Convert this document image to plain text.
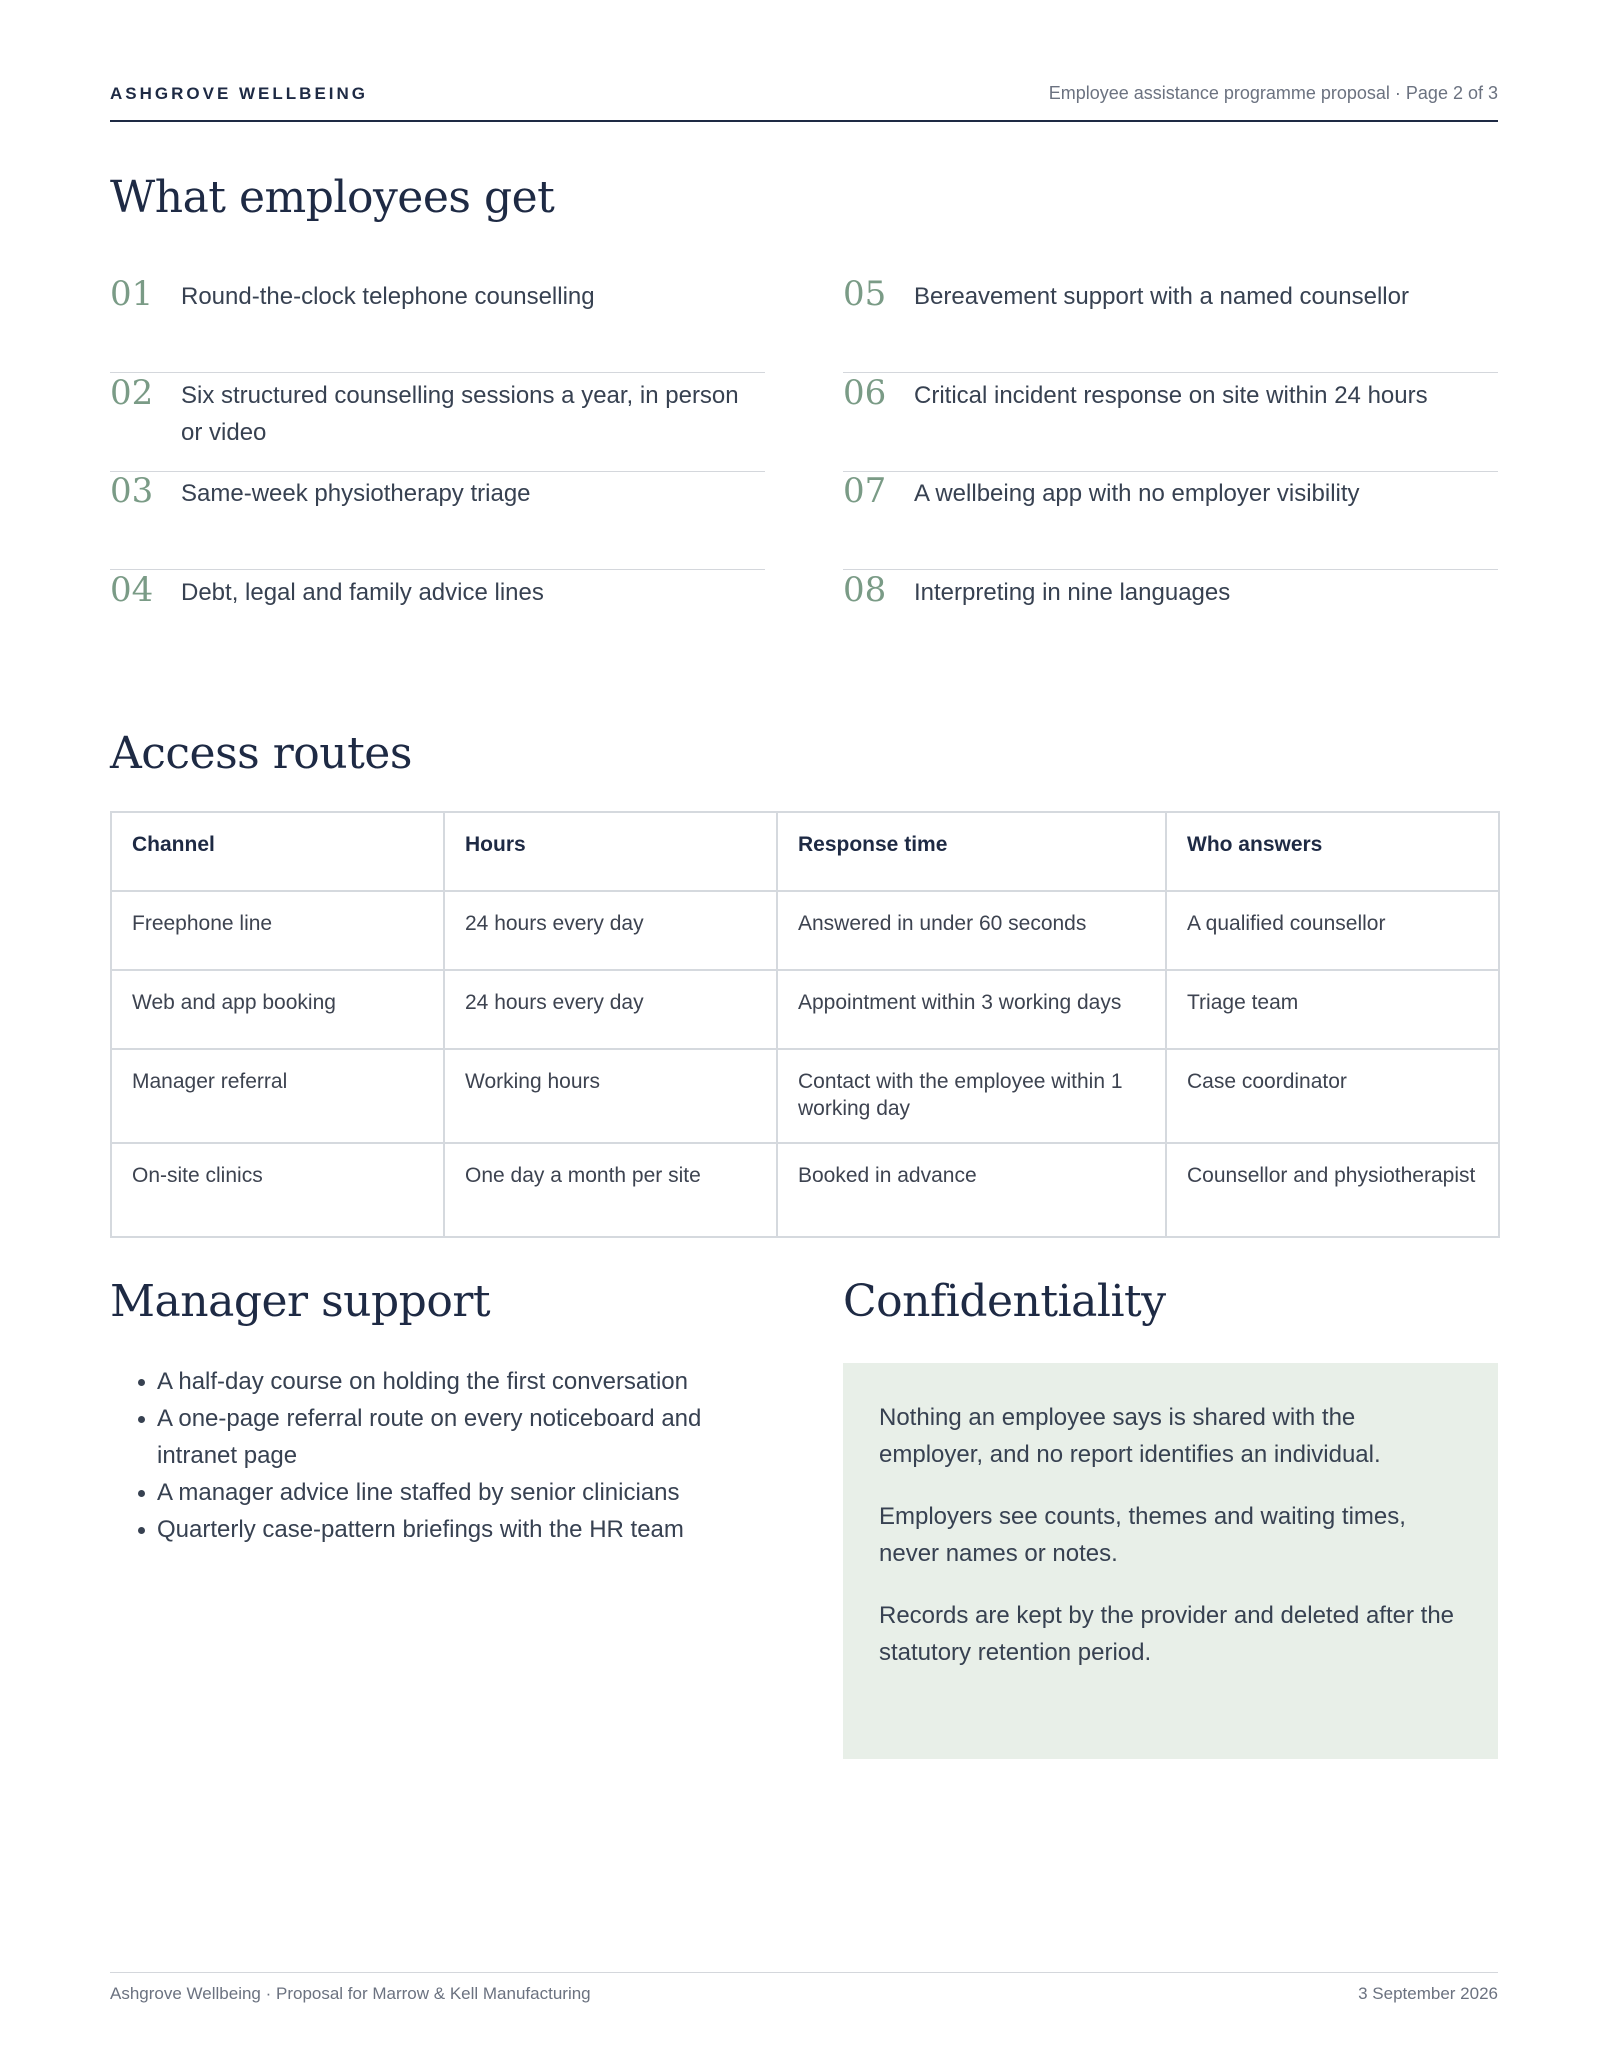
ASHGROVE WELLBEING	Employee assistance programme proposal · Page 2 of 3
What employees get
01 Round-the-clock telephone counselling
02 Six structured counselling sessions a year, in person or video
03 Same-week physiotherapy triage
04 Debt, legal and family advice lines
05 Bereavement support with a named counsellor
06 Critical incident response on site within 24 hours
07 A wellbeing app with no employer visibility
08 Interpreting in nine languages
Access routes
Channel	Hours	Response time	Who answers
Freephone line	24 hours every day	Answered in under 60 seconds	A qualified counsellor
Web and app booking	24 hours every day	Appointment within 3 working days	Triage team
Manager referral	Working hours	Contact with the employee within 1 working day	Case coordinator
On-site clinics	One day a month per site	Booked in advance	Counsellor and physiotherapist
Manager support
A half-day course on holding the first conversation
A one-page referral route on every noticeboard and intranet page
A manager advice line staffed by senior clinicians
Quarterly case-pattern briefings with the HR team
Confidentiality

Nothing an employee says is shared with the employer, and no report identifies an individual.

Employers see counts, themes and waiting times, never names or notes.

Records are kept by the provider and deleted after the statutory retention period.

Ashgrove Wellbeing · Proposal for Marrow & Kell Manufacturing	3 September 2026
